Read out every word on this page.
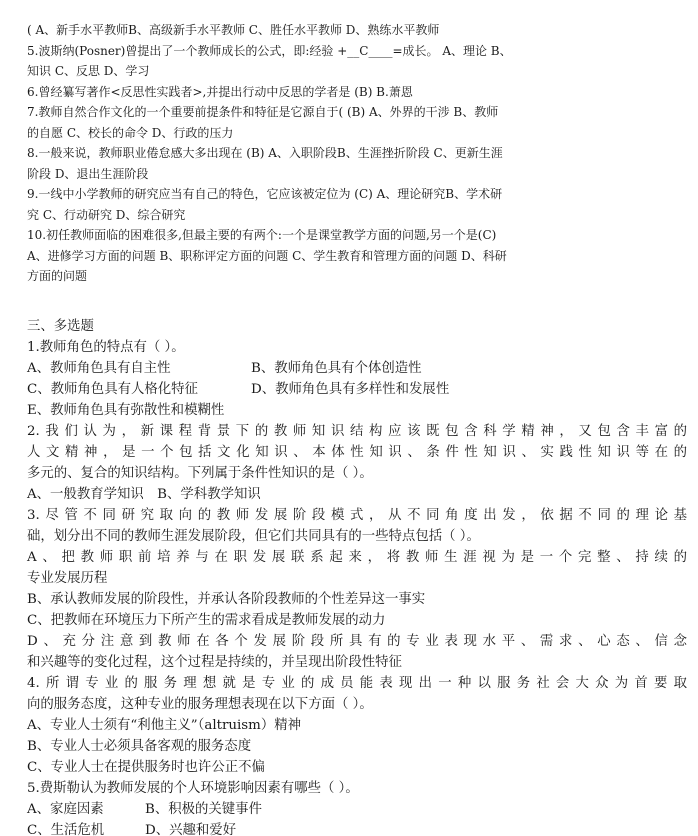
( A、新手水平教师B、高级新手水平教师 C、胜任水平教师 D、熟练水平教师
5.波斯纳(Posner)曾提出了一个教师成长的公式，即:经验 +__C____=成长。 A、理论 B、
知识 C、反思 D、学习
6.曾经纂写著作<反思性实践者>,并提出行动中反思的学者是 (B) B.萧恩
7.教师自然合作文化的一个重要前提条件和特征是它源自于( (B) A、外界的干涉 B、教师
的自愿 C、校长的命令 D、行政的压力
8.一般来说，教师职业倦怠感大多出现在 (B) A、入职阶段B、生涯挫折阶段 C、更新生涯
阶段 D、退出生涯阶段
9.一线中小学教师的研究应当有自己的特色，它应该被定位为 (C) A、理论研究B、学术研
究 C、行动研究 D、综合研究
10.初任教师面临的困难很多,但最主要的有两个:一个是课堂教学方面的问题,另一个是(C)
A、进修学习方面的问题 B、职称评定方面的问题 C、学生教育和管理方面的问题 D、科研
方面的问题
三、多选题
1.教师角色的特点有（ ）。
A、教师角色具有自主性	B、教师角色具有个体创造性
C、教师角色具有人格化特征	D、教师角色具有多样性和发展性
E、教师角色具有弥散性和模糊性
2.我们认为，新课程背景下的教师知识结构应该既包含科学精神，又包含丰富的
人文精神，是一个包括文化知识、本体性知识、条件性知识、实践性知识等在的
多元的、复合的知识结构。下列属于条件性知识的是（ ）。
A、一般教育学知识　B、学科教学知识
3.尽管不同研究取向的教师发展阶段模式，从不同角度出发，依据不同的理论基
础，划分出不同的教师生涯发展阶段，但它们共同具有的一些特点包括（ ）。
A、把教师职前培养与在职发展联系起来，将教师生涯视为是一个完整、持续的
专业发展历程
B、承认教师发展的阶段性，并承认各阶段教师的个性差异这一事实
C、把教师在环境压力下所产生的需求看成是教师发展的动力
D、充分注意到教师在各个发展阶段所具有的专业表现水平、需求、心态、信念
和兴趣等的变化过程，这个过程是持续的，并呈现出阶段性特征
4.所谓专业的服务理想就是专业的成员能表现出一种以服务社会大众为首要取
向的服务态度，这种专业的服务理想表现在以下方面（ ）。
A、专业人士须有“利他主义”（altruism）精神
B、专业人士必须具备客观的服务态度
C、专业人士在提供服务时也许公正不偏
5.费斯勒认为教师发展的个人环境影响因素有哪些（ ）。
A、家庭因素	B、积极的关键事件
C、生活危机	D、兴趣和爱好
